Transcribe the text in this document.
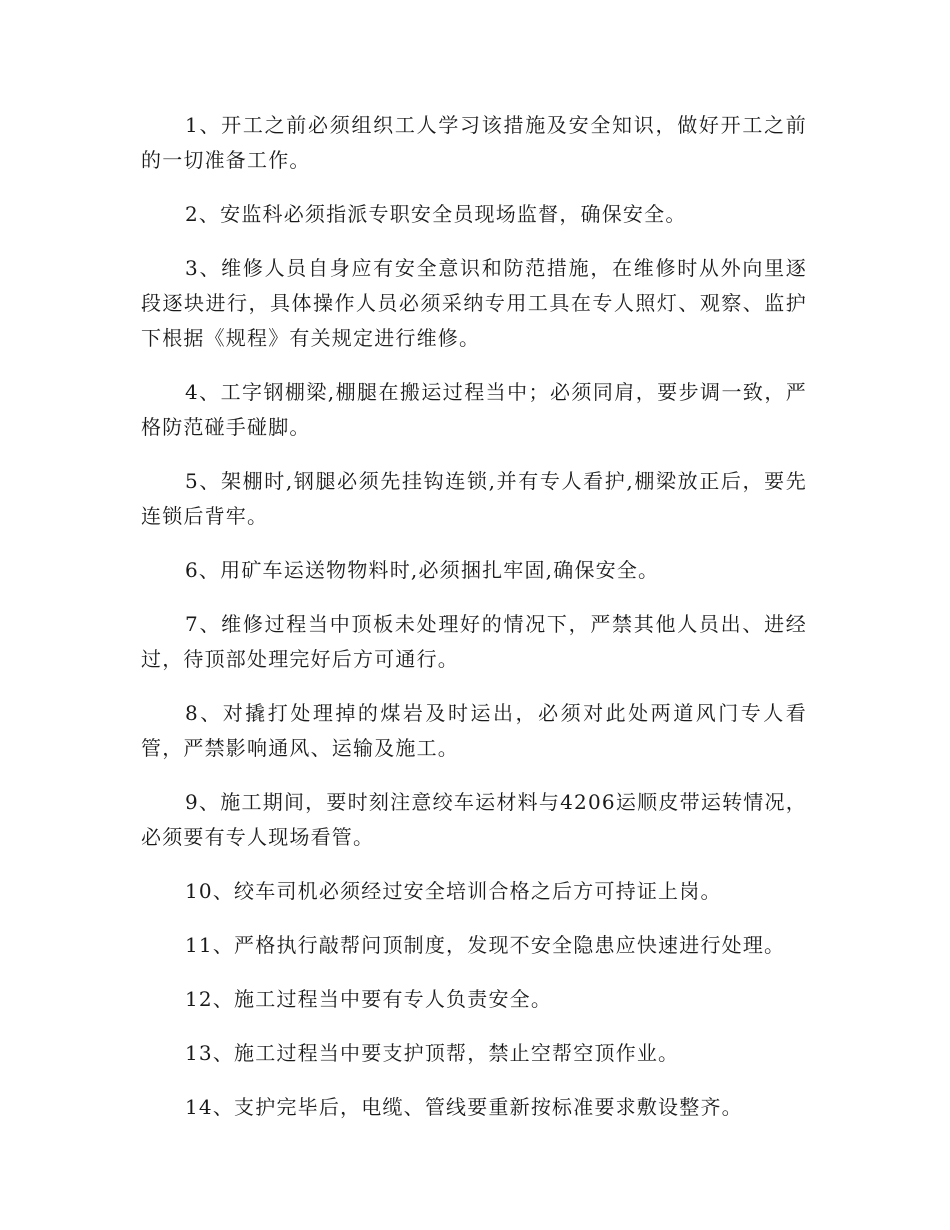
1、开工之前必须组织工人学习该措施及安全知识，做好开工之前的一切准备工作。

2、安监科必须指派专职安全员现场监督，确保安全。

3、维修人员自身应有安全意识和防范措施，在维修时从外向里逐段逐块进行，具体操作人员必须采纳专用工具在专人照灯、观察、监护下根据《规程》有关规定进行维修。

4、工字钢棚梁,棚腿在搬运过程当中；必须同肩，要步调一致，严格防范碰手碰脚。

5、架棚时,钢腿必须先挂钩连锁,并有专人看护,棚梁放正后，要先连锁后背牢。

6、用矿车运送物物料时,必须捆扎牢固,确保安全。

7、维修过程当中顶板未处理好的情况下，严禁其他人员出、进经过，待顶部处理完好后方可通行。

8、对撬打处理掉的煤岩及时运出，必须对此处两道风门专人看管，严禁影响通风、运输及施工。

9、施工期间，要时刻注意绞车运材料与4206运顺皮带运转情况，必须要有专人现场看管。

10、绞车司机必须经过安全培训合格之后方可持证上岗。

11、严格执行敲帮问顶制度，发现不安全隐患应快速进行处理。

12、施工过程当中要有专人负责安全。

13、施工过程当中要支护顶帮，禁止空帮空顶作业。

14、支护完毕后，电缆、管线要重新按标准要求敷设整齐。
